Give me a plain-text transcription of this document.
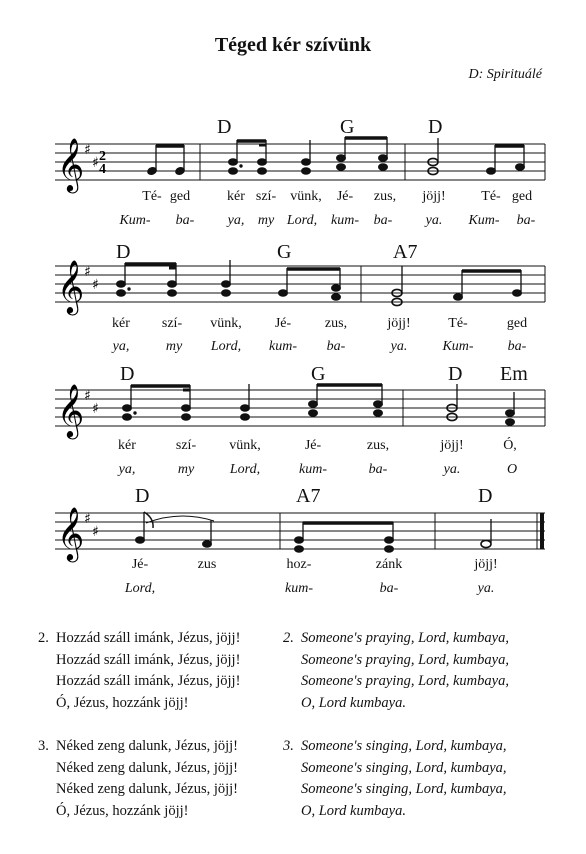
Téged kér szívünk
D: Spirituálé
D	G	D
𝄞 ♯
♯ 2
4
Té- ged	kér szí- vünk, Jé- zus, jöjj!	Té- ged
Kum- ba- ya, my Lord, kum- ba- ya. Kum- ba-
D	G	A7
𝄞 ♯
♯
kér szí- vünk, Jé- zus,	jöjj!	Té-	ged
ya,	my Lord, kum- ba-	ya.	Kum- ba-
D	G	D Em
𝄞 ♯
♯
kér	szí- vünk,	Jé-	zus,	jöjj!	Ó,
ya,	my	Lord,	kum-	ba-	ya.	O
D	A7	D
𝄞 ♯
♯
Jé-	zus	hoz-	zánk	jöjj!
Lord,	kum-	ba-	ya.
2. Hozzád száll imánk, Jézus, jöjj!
Hozzád száll imánk, Jézus, jöjj!
Hozzád száll imánk, Jézus, jöjj!
Ó, Jézus, hozzánk jöjj!
2. Someone's praying, Lord, kumbaya,
Someone's praying, Lord, kumbaya,
Someone's praying, Lord, kumbaya,
O, Lord kumbaya.
3. Néked zeng dalunk, Jézus, jöjj!
Néked zeng dalunk, Jézus, jöjj!
Néked zeng dalunk, Jézus, jöjj!
Ó, Jézus, hozzánk jöjj!
3. Someone's singing, Lord, kumbaya,
Someone's singing, Lord, kumbaya,
Someone's singing, Lord, kumbaya,
O, Lord kumbaya.
